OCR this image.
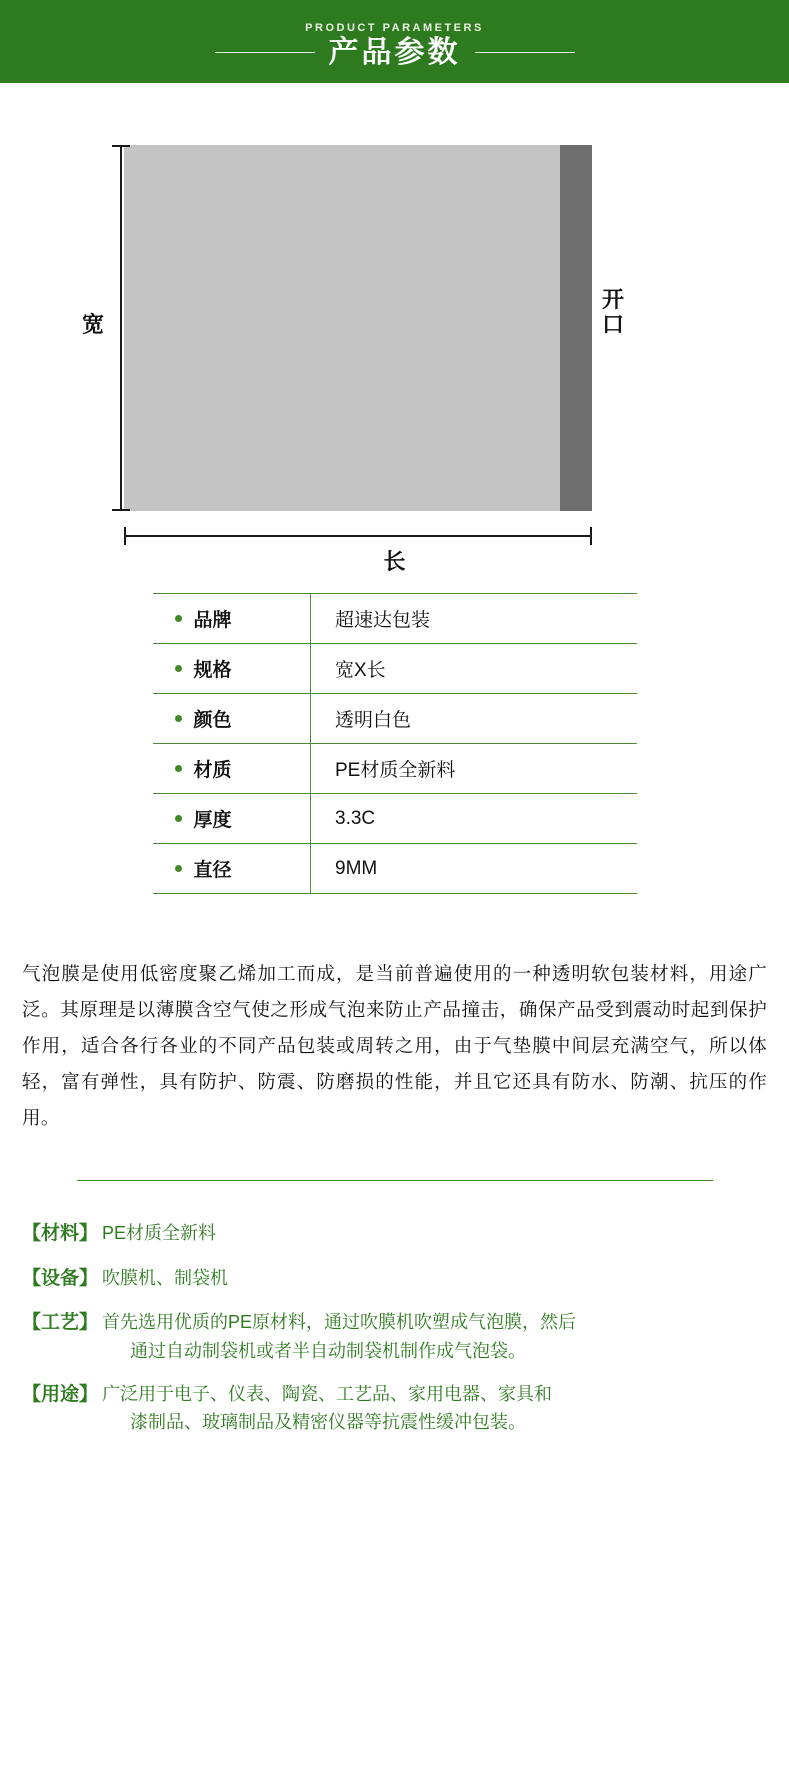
PRODUCT PARAMETERS
产品参数
宽
开口
长
品牌	超速达包装
规格	宽X长
颜色	透明白色
材质	PE材质全新料
厚度	3.3C
直径	9MM
气泡膜是使用低密度聚乙烯加工而成，是当前普遍使用的一种透明软包装材料，用途广泛。其原理是以薄膜含空气使之形成气泡来防止产品撞击，确保产品受到震动时起到保护作用，适合各行各业的不同产品包装或周转之用，由于气垫膜中间层充满空气，所以体轻，富有弹性，具有防护、防震、防磨损的性能，并且它还具有防水、防潮、抗压的作用。
【材料】 PE材质全新料
【设备】 吹膜机、制袋机
【工艺】 首先选用优质的PE原材料，通过吹膜机吹塑成气泡膜，然后
通过自动制袋机或者半自动制袋机制作成气泡袋。
【用途】 广泛用于电子、仪表、陶瓷、工艺品、家用电器、家具和
漆制品、玻璃制品及精密仪器等抗震性缓冲包装。
